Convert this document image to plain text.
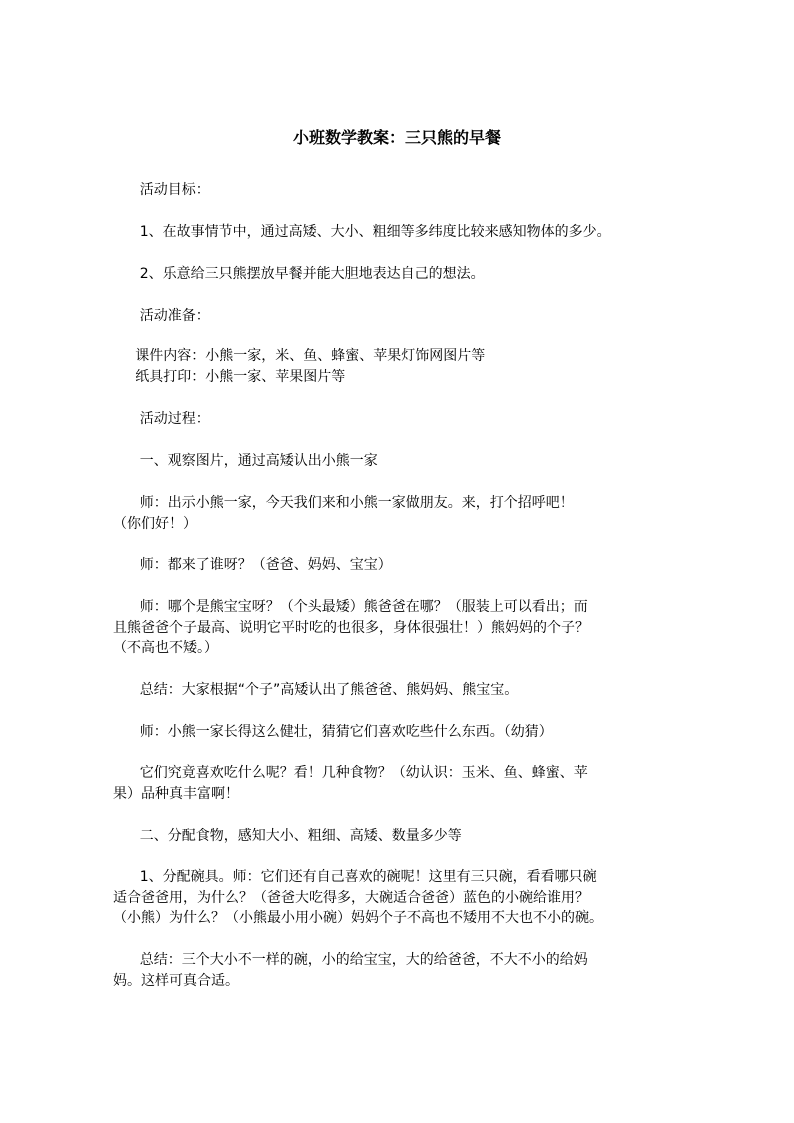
小班数学教案：三只熊的早餐
活动目标：
1、在故事情节中，通过高矮、大小、粗细等多纬度比较来感知物体的多少。
2、乐意给三只熊摆放早餐并能大胆地表达自己的想法。
活动准备：
课件内容：小熊一家，米、鱼、蜂蜜、苹果灯饰网图片等
纸具打印：小熊一家、苹果图片等
活动过程：
一、观察图片，通过高矮认出小熊一家
师：出示小熊一家，今天我们来和小熊一家做朋友。来，打个招呼吧！
（你们好！）
师：都来了谁呀？（爸爸、妈妈、宝宝）
师：哪个是熊宝宝呀？（个头最矮）熊爸爸在哪？（服装上可以看出；而
且熊爸爸个子最高、说明它平时吃的也很多，身体很强壮！）熊妈妈的个子？
（不高也不矮。）
总结：大家根据“个子”高矮认出了熊爸爸、熊妈妈、熊宝宝。
师：小熊一家长得这么健壮，猜猜它们喜欢吃些什么东西。（幼猜）
它们究竟喜欢吃什么呢？看！几种食物？（幼认识：玉米、鱼、蜂蜜、苹
果）品种真丰富啊！
二、分配食物，感知大小、粗细、高矮、数量多少等
1、分配碗具。师：它们还有自己喜欢的碗呢！这里有三只碗，看看哪只碗
适合爸爸用，为什么？（爸爸大吃得多，大碗适合爸爸）蓝色的小碗给谁用？
（小熊）为什么？（小熊最小用小碗）妈妈个子不高也不矮用不大也不小的碗。
总结：三个大小不一样的碗，小的给宝宝，大的给爸爸，不大不小的给妈
妈。这样可真合适。
